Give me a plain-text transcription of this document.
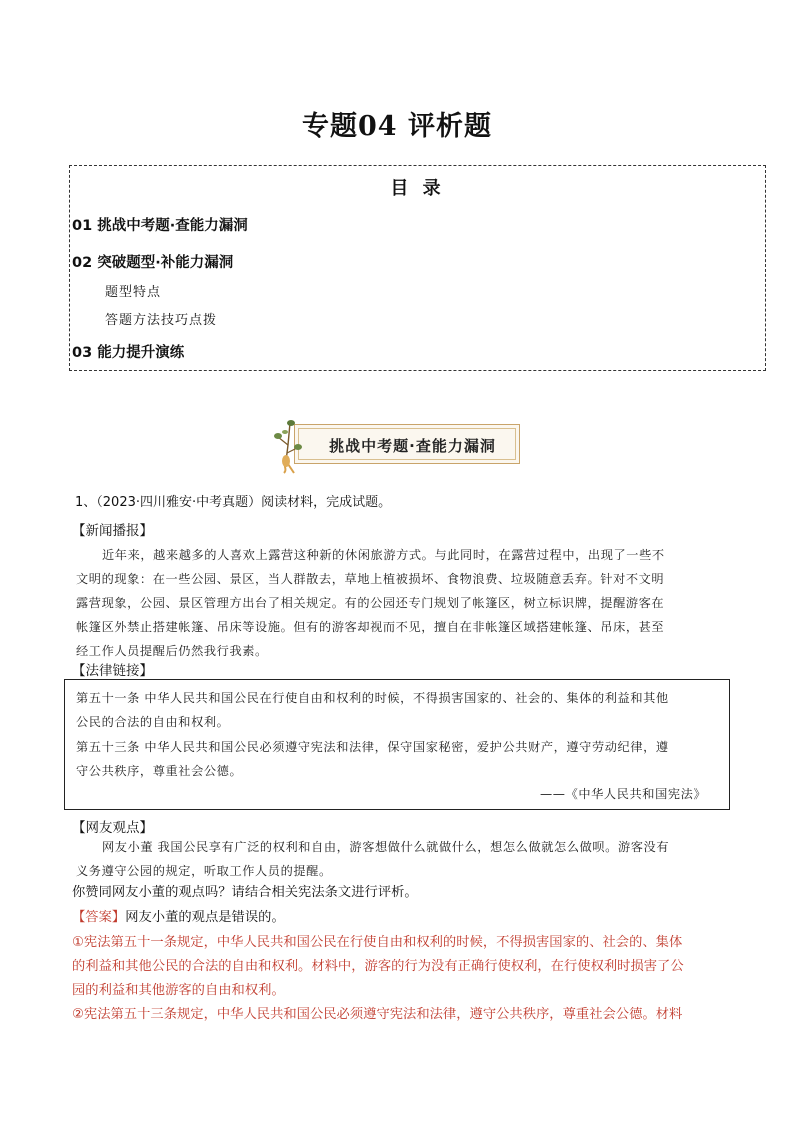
专题04 评析题
目 录
01 挑战中考题·查能力漏洞
02 突破题型·补能力漏洞
题型特点
答题方法技巧点拨
03 能力提升演练
挑战中考题·查能力漏洞
1、（2023·四川雅安·中考真题）阅读材料，完成试题。
【新闻播报】
近年来，越来越多的人喜欢上露营这种新的休闲旅游方式。与此同时，在露营过程中，出现了一些不
文明的现象：在一些公园、景区，当人群散去，草地上植被损坏、食物浪费、垃圾随意丢弃。针对不文明
露营现象，公园、景区管理方出台了相关规定。有的公园还专门规划了帐篷区，树立标识牌，提醒游客在
帐篷区外禁止搭建帐篷、吊床等设施。但有的游客却视而不见，擅自在非帐篷区域搭建帐篷、吊床，甚至
经工作人员提醒后仍然我行我素。
【法律链接】
第五十一条 中华人民共和国公民在行使自由和权利的时候，不得损害国家的、社会的、集体的利益和其他
公民的合法的自由和权利。
第五十三条 中华人民共和国公民必须遵守宪法和法律，保守国家秘密，爱护公共财产，遵守劳动纪律，遵
守公共秩序，尊重社会公德。
——《中华人民共和国宪法》
【网友观点】
网友小董 我国公民享有广泛的权利和自由，游客想做什么就做什么，想怎么做就怎么做呗。游客没有
义务遵守公园的规定，听取工作人员的提醒。
你赞同网友小董的观点吗？请结合相关宪法条文进行评析。
【答案】网友小董的观点是错误的。
①宪法第五十一条规定，中华人民共和国公民在行使自由和权利的时候，不得损害国家的、社会的、集体
的利益和其他公民的合法的自由和权利。材料中，游客的行为没有正确行使权利，在行使权利时损害了公
园的利益和其他游客的自由和权利。
②宪法第五十三条规定，中华人民共和国公民必须遵守宪法和法律，遵守公共秩序，尊重社会公德。材料
